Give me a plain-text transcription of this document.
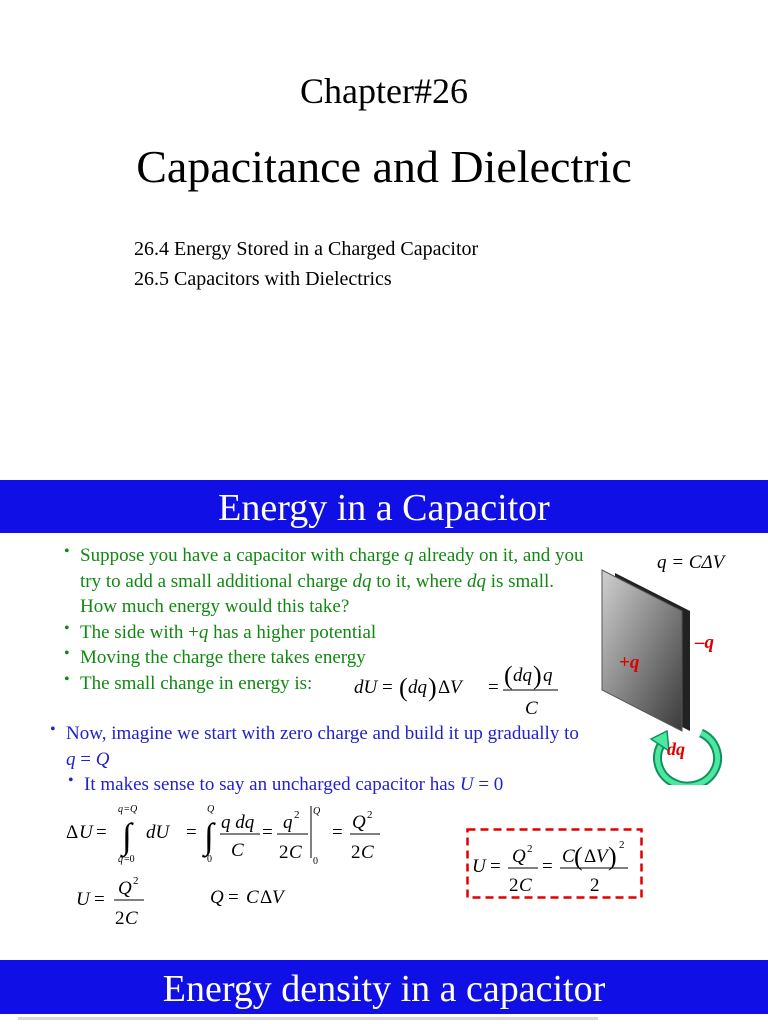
Chapter#26
Capacitance and Dielectric
26.4 Energy Stored in a Charged Capacitor
26.5 Capacitors with Dielectrics
Energy in a Capacitor
• Suppose you have a capacitor with charge q already on it, and you try to add a small additional charge dq to it, where dq is small. How much energy would this take?
• The side with +q has a higher potential
• Moving the charge there takes energy
• The small change in energy is:	dU = ( dq ) Δ V = ( dq ) q
C
q = CΔV
–q
+q
dq
• Now, imagine we start with zero charge and build it up gradually to q = Q
• It makes sense to say an uncharged capacitor has U = 0
Δ U =
q = Q
∫
q =0
dU =
Q
∫
0
q dq
C
= q 2
2 C
Q
0
= Q 2
2 C
U =
Q 2
2 C
Q = C Δ V
U = Q 2
2 C
= C ( Δ V ) 2
2
Energy density in a capacitor
